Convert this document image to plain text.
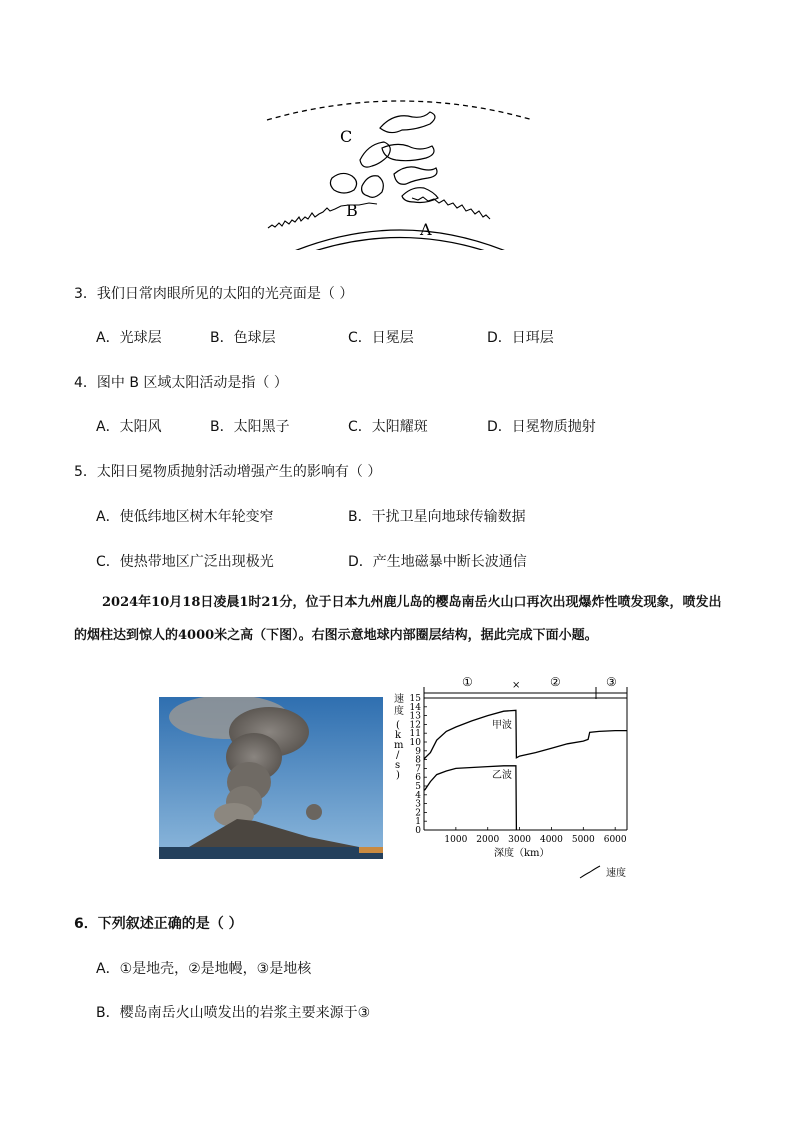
C
B
A
3．我们日常肉眼所见的太阳的光亮面是（ ）
A．光球层	B．色球层	C．日冕层	D．日珥层
4．图中 B 区域太阳活动是指（ ）
A．太阳风	B．太阳黑子	C．太阳耀斑	D．日冕物质抛射
5．太阳日冕物质抛射活动增强产生的影响有（ ）
A．使低纬地区树木年轮变窄	B．干扰卫星向地球传输数据
C．使热带地区广泛出现极光	D．产生地磁暴中断长波通信
2024年10月18日凌晨1时21分，位于日本九州鹿儿岛的樱岛南岳火山口再次出现爆炸性喷发现象，喷发出的烟柱达到惊人的4000米之高（下图）。右图示意地球内部圈层结构，据此完成下面小题。
①	× ②	③
速
度
(
k
m
/
s
)
15
14
13
12
11
10
9
8
7
6
5
4
3
2
1
0
1000 2000 3000 4000 5000 6000
甲波
乙波
深度（km）
速度
6．下列叙述正确的是（ ）
A．①是地壳，②是地幔，③是地核
B．樱岛南岳火山喷发出的岩浆主要来源于③
